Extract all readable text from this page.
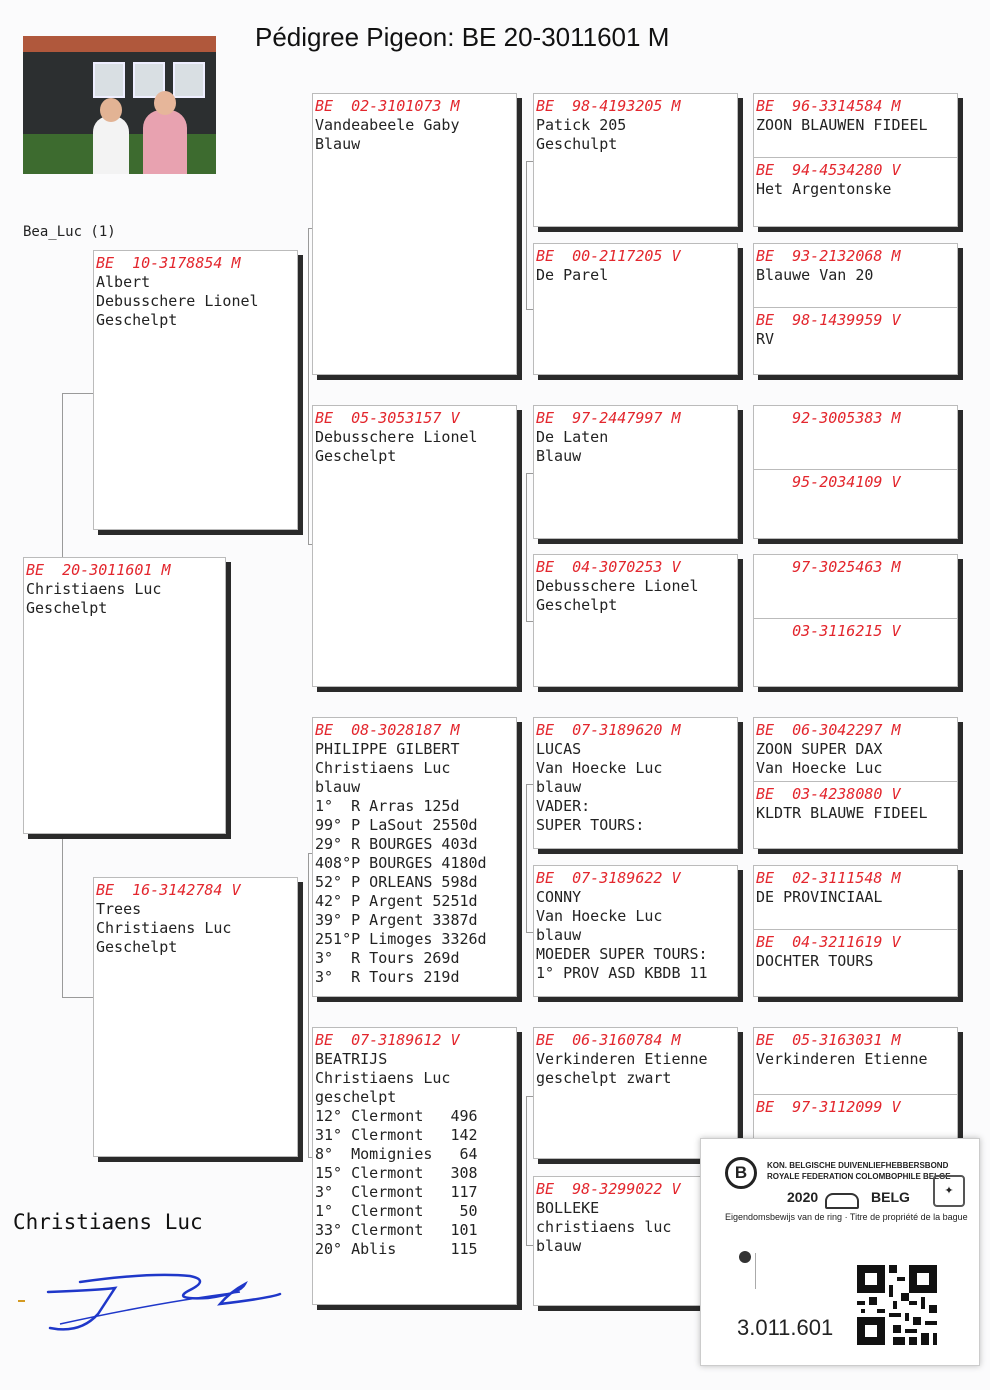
Pédigree Pigeon: BE 20-3011601 M
Bea_Luc (1)
BE  20-3011601 M
Christiaens Luc
Geschelpt
BE  10-3178854 M
Albert
Debusschere Lionel
Geschelpt
BE  16-3142784 V
Trees
Christiaens Luc
Geschelpt
BE  02-3101073 M
Vandeabeele Gaby
Blauw
BE  05-3053157 V
Debusschere Lionel
Geschelpt
BE  08-3028187 M
PHILIPPE GILBERT
Christiaens Luc
blauw
1°  R Arras 125d
99° P LaSout 2550d
29° R BOURGES 403d
408°P BOURGES 4180d
52° P ORLEANS 598d
42° P Argent 5251d
39° P Argent 3387d
251°P Limoges 3326d
3°  R Tours 269d
3°  R Tours 219d
BE  07-3189612 V
BEATRIJS
Christiaens Luc
geschelpt
12° Clermont   496
31° Clermont   142
8°  Momignies   64
15° Clermont   308
3°  Clermont   117
1°  Clermont    50
33° Clermont   101
20° Ablis      115
BE  98-4193205 M
Patick 205
Geschulpt
BE  00-2117205 V
De Parel
BE  97-2447997 M
De Laten
Blauw
BE  04-3070253 V
Debusschere Lionel
Geschelpt
BE  07-3189620 M
LUCAS
Van Hoecke Luc
blauw
VADER:
SUPER TOURS:
BE  07-3189622 V
CONNY
Van Hoecke Luc
blauw
MOEDER SUPER TOURS:
1° PROV ASD KBDB 11
BE  06-3160784 M
Verkinderen Etienne
geschelpt zwart
BE  98-3299022 V
BOLLEKE
christiaens luc
blauw
BE  96-3314584 M
ZOON BLAUWEN FIDEEL
BE  94-4534280 V
Het Argentonske
BE  93-2132068 M
Blauwe Van 20
BE  98-1439959 V
RV
92-3005383 M
95-2034109 V
97-3025463 M
03-3116215 V
BE  06-3042297 M
ZOON SUPER DAX
Van Hoecke Luc
BE  03-4238080 V
KLDTR BLAUWE FIDEEL
BE  02-3111548 M
DE PROVINCIAAL
BE  04-3211619 V
DOCHTER TOURS
BE  05-3163031 M
Verkinderen Etienne
BE  97-3112099 V
Christiaens Luc
B	KON. BELGISCHE DUIVENLIEFHEBBERSBOND
ROYALE FEDERATION COLOMBOPHILE BELGE
2020	BELG	✦
Eigendomsbewijs van de ring · Titre de propriété de la bague
3.011.601
